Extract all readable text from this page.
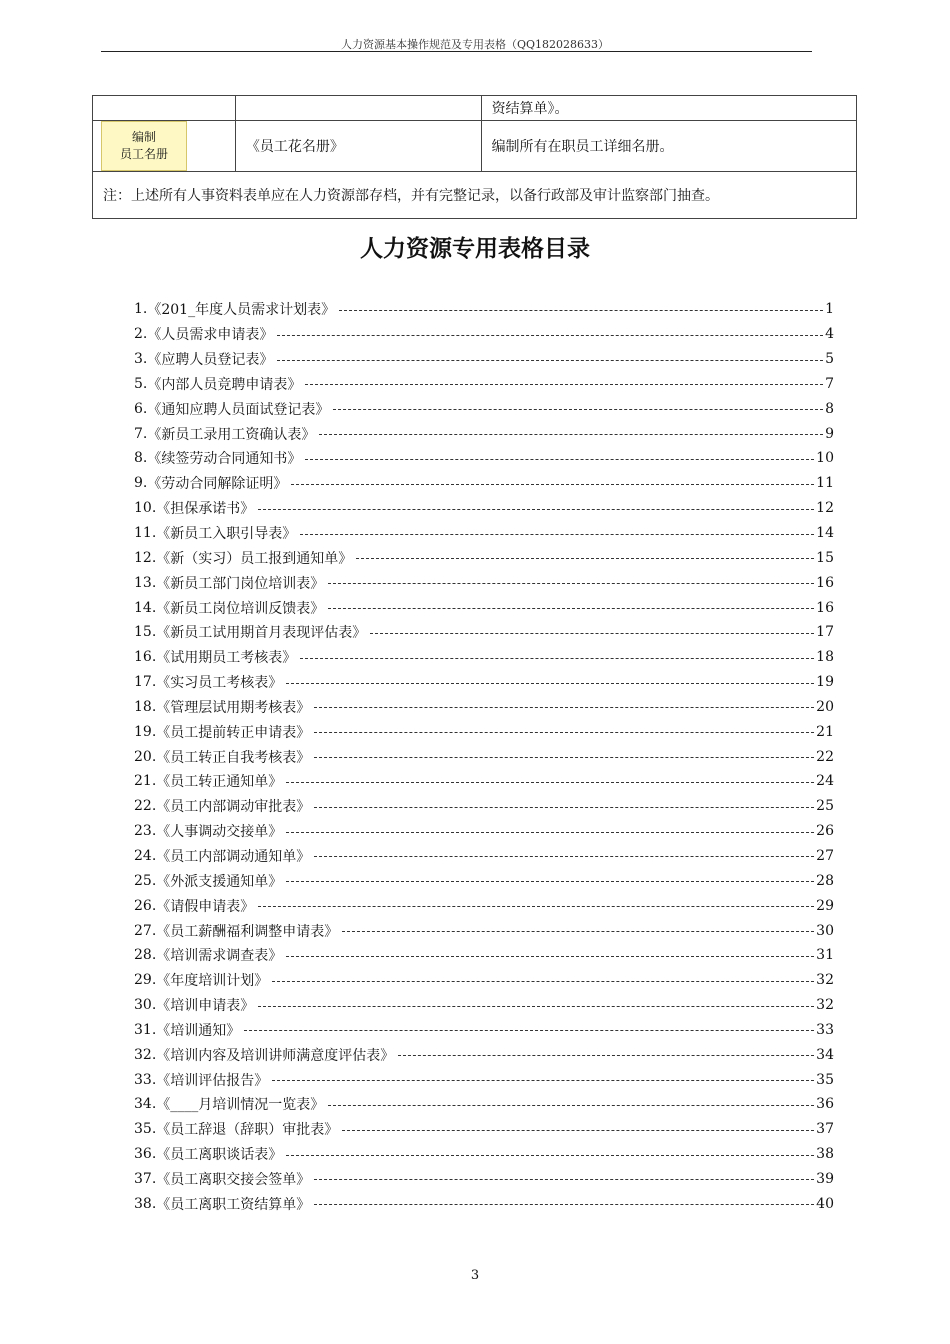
人力资源基本操作规范及专用表格（QQ182028633）
		资结算单》。

编制
员工名册	《员工花名册》	编制所有在职员工详细名册。
注：上述所有人事资料表单应在人力资源部存档，并有完整记录，以备行政部及审计监察部门抽查。		
人力资源专用表格目录
1. 《201_年度人员需求计划表》	1
2. 《人员需求申请表》	4
3. 《应聘人员登记表》	5
5. 《内部人员竞聘申请表》	7
6. 《通知应聘人员面试登记表》	8
7. 《新员工录用工资确认表》	9
8. 《续签劳动合同通知书》	10
9. 《劳动合同解除证明》	11
10. 《担保承诺书》	12
11. 《新员工入职引导表》	14
12. 《新（实习）员工报到通知单》	15
13. 《新员工部门岗位培训表》	16
14. 《新员工岗位培训反馈表》	16
15. 《新员工试用期首月表现评估表》	17
16. 《试用期员工考核表》	18
17. 《实习员工考核表》	19
18. 《管理层试用期考核表》	20
19. 《员工提前转正申请表》	21
20. 《员工转正自我考核表》	22
21. 《员工转正通知单》	24
22. 《员工内部调动审批表》	25
23. 《人事调动交接单》	26
24. 《员工内部调动通知单》	27
25. 《外派支援通知单》	28
26. 《请假申请表》	29
27. 《员工薪酬福利调整申请表》	30
28. 《培训需求调查表》	31
29. 《年度培训计划》	32
30. 《培训申请表》	32
31. 《培训通知》	33
32. 《培训内容及培训讲师满意度评估表》	34
33. 《培训评估报告》	35
34. 《____月培训情况一览表》	36
35. 《员工辞退（辞职）审批表》	37
36. 《员工离职谈话表》	38
37. 《员工离职交接会签单》	39
38. 《员工离职工资结算单》	40
3
